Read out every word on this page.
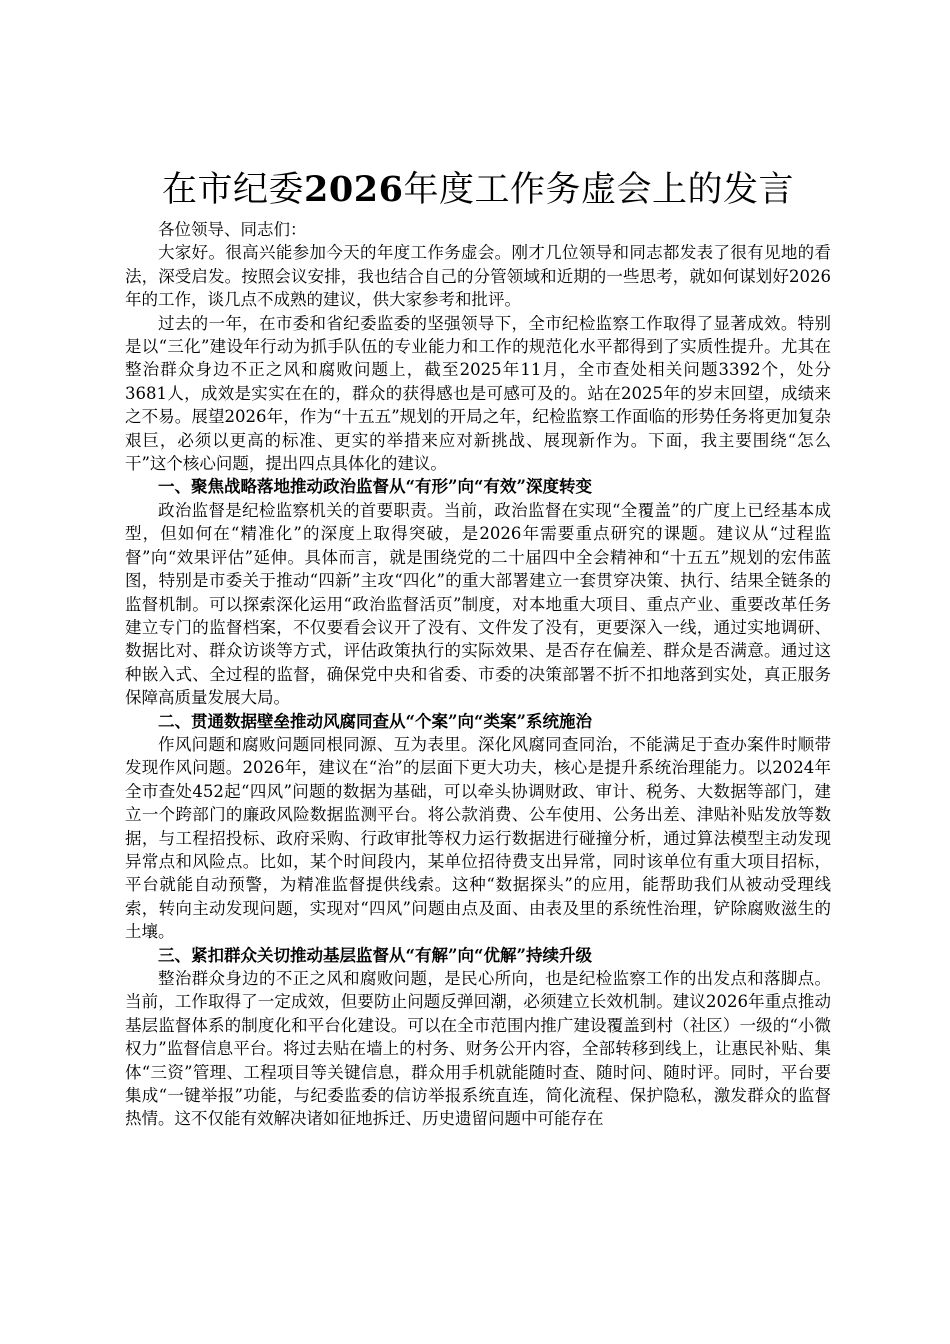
在市纪委2026年度工作务虚会上的发言

各位领导、同志们：

大家好。很高兴能参加今天的年度工作务虚会。刚才几位领导和同志都发表了很有见地的看法，深受启发。按照会议安排，我也结合自己的分管领域和近期的一些思考，就如何谋划好2026年的工作，谈几点不成熟的建议，供大家参考和批评。

过去的一年，在市委和省纪委监委的坚强领导下，全市纪检监察工作取得了显著成效。特别是以“三化”建设年行动为抓手队伍的专业能力和工作的规范化水平都得到了实质性提升。尤其在整治群众身边不正之风和腐败问题上，截至2025年11月，全市查处相关问题3392个，处分3681人，成效是实实在在的，群众的获得感也是可感可及的。站在2025年的岁末回望，成绩来之不易。展望2026年，作为“十五五”规划的开局之年，纪检监察工作面临的形势任务将更加复杂艰巨，必须以更高的标准、更实的举措来应对新挑战、展现新作为。下面，我主要围绕“怎么干”这个核心问题，提出四点具体化的建议。

一、聚焦战略落地推动政治监督从“有形”向“有效”深度转变

政治监督是纪检监察机关的首要职责。当前，政治监督在实现“全覆盖”的广度上已经基本成型，但如何在“精准化”的深度上取得突破，是2026年需要重点研究的课题。建议从“过程监督”向“效果评估”延伸。具体而言，就是围绕党的二十届四中全会精神和“十五五”规划的宏伟蓝图，特别是市委关于推动“四新”主攻“四化”的重大部署建立一套贯穿决策、执行、结果全链条的监督机制。可以探索深化运用“政治监督活页”制度，对本地重大项目、重点产业、重要改革任务建立专门的监督档案，不仅要看会议开了没有、文件发了没有，更要深入一线，通过实地调研、数据比对、群众访谈等方式，评估政策执行的实际效果、是否存在偏差、群众是否满意。通过这种嵌入式、全过程的监督，确保党中央和省委、市委的决策部署不折不扣地落到实处，真正服务保障高质量发展大局。

二、贯通数据壁垒推动风腐同查从“个案”向“类案”系统施治

作风问题和腐败问题同根同源、互为表里。深化风腐同查同治，不能满足于查办案件时顺带发现作风问题。2026年，建议在“治”的层面下更大功夫，核心是提升系统治理能力。以2024年全市查处452起“四风”问题的数据为基础，可以牵头协调财政、审计、税务、大数据等部门，建立一个跨部门的廉政风险数据监测平台。将公款消费、公车使用、公务出差、津贴补贴发放等数据，与工程招投标、政府采购、行政审批等权力运行数据进行碰撞分析，通过算法模型主动发现异常点和风险点。比如，某个时间段内，某单位招待费支出异常，同时该单位有重大项目招标，平台就能自动预警，为精准监督提供线索。这种“数据探头”的应用，能帮助我们从被动受理线索，转向主动发现问题，实现对“四风”问题由点及面、由表及里的系统性治理，铲除腐败滋生的土壤。

三、紧扣群众关切推动基层监督从“有解”向“优解”持续升级

整治群众身边的不正之风和腐败问题，是民心所向，也是纪检监察工作的出发点和落脚点。当前，工作取得了一定成效，但要防止问题反弹回潮，必须建立长效机制。建议2026年重点推动基层监督体系的制度化和平台化建设。可以在全市范围内推广建设覆盖到村（社区）一级的“小微权力”监督信息平台。将过去贴在墙上的村务、财务公开内容，全部转移到线上，让惠民补贴、集体“三资”管理、工程项目等关键信息，群众用手机就能随时查、随时问、随时评。同时，平台要集成“一键举报”功能，与纪委监委的信访举报系统直连，简化流程、保护隐私，激发群众的监督热情。这不仅能有效解决诸如征地拆迁、历史遗留问题中可能存在
